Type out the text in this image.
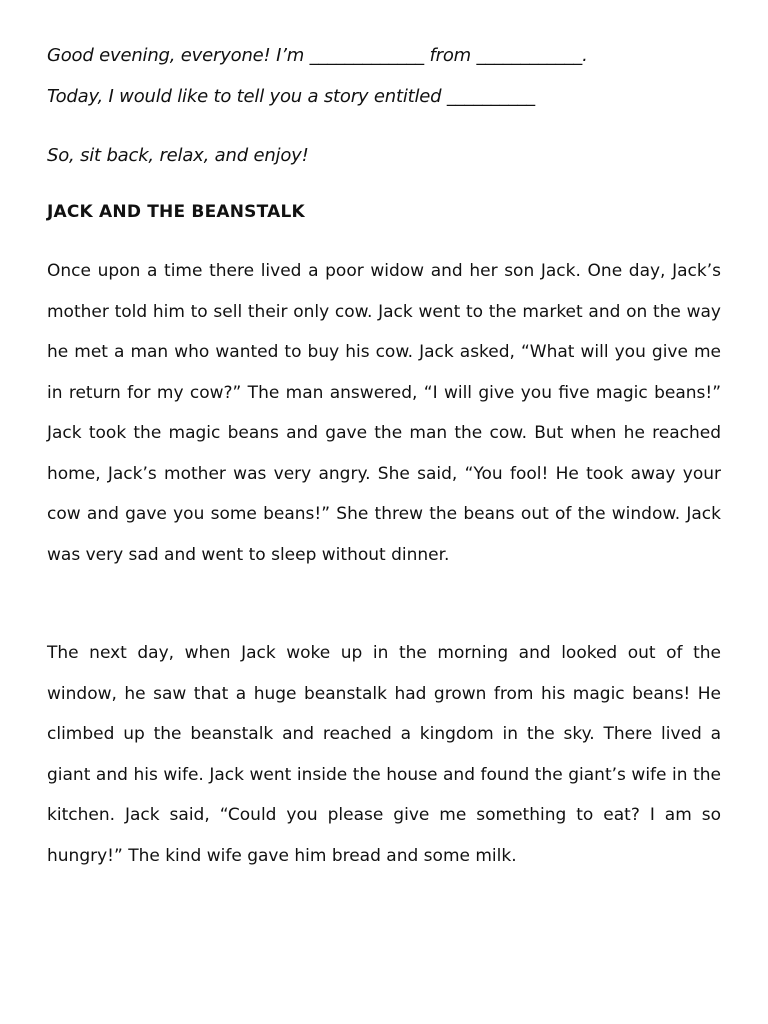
Good evening, everyone! I’m _____________ from ____________.

Today, I would like to tell you a story entitled __________

So, sit back, relax, and enjoy!

JACK AND THE BEANSTALK

Once upon a time there lived a poor widow and her son Jack. One day, Jack’s mother told him to sell their only cow. Jack went to the market and on the way he met a man who wanted to buy his cow. Jack asked, “What will you give me in return for my cow?” The man answered, “I will give you five magic beans!” Jack took the magic beans and gave the man the cow. But when he reached home, Jack’s mother was very angry. She said, “You fool! He took away your cow and gave you some beans!” She threw the beans out of the window. Jack was very sad and went to sleep without dinner.

The next day, when Jack woke up in the morning and looked out of the window, he saw that a huge beanstalk had grown from his magic beans! He climbed up the beanstalk and reached a kingdom in the sky. There lived a giant and his wife. Jack went inside the house and found the giant’s wife in the kitchen. Jack said, “Could you please give me something to eat? I am so hungry!” The kind wife gave him bread and some milk.
